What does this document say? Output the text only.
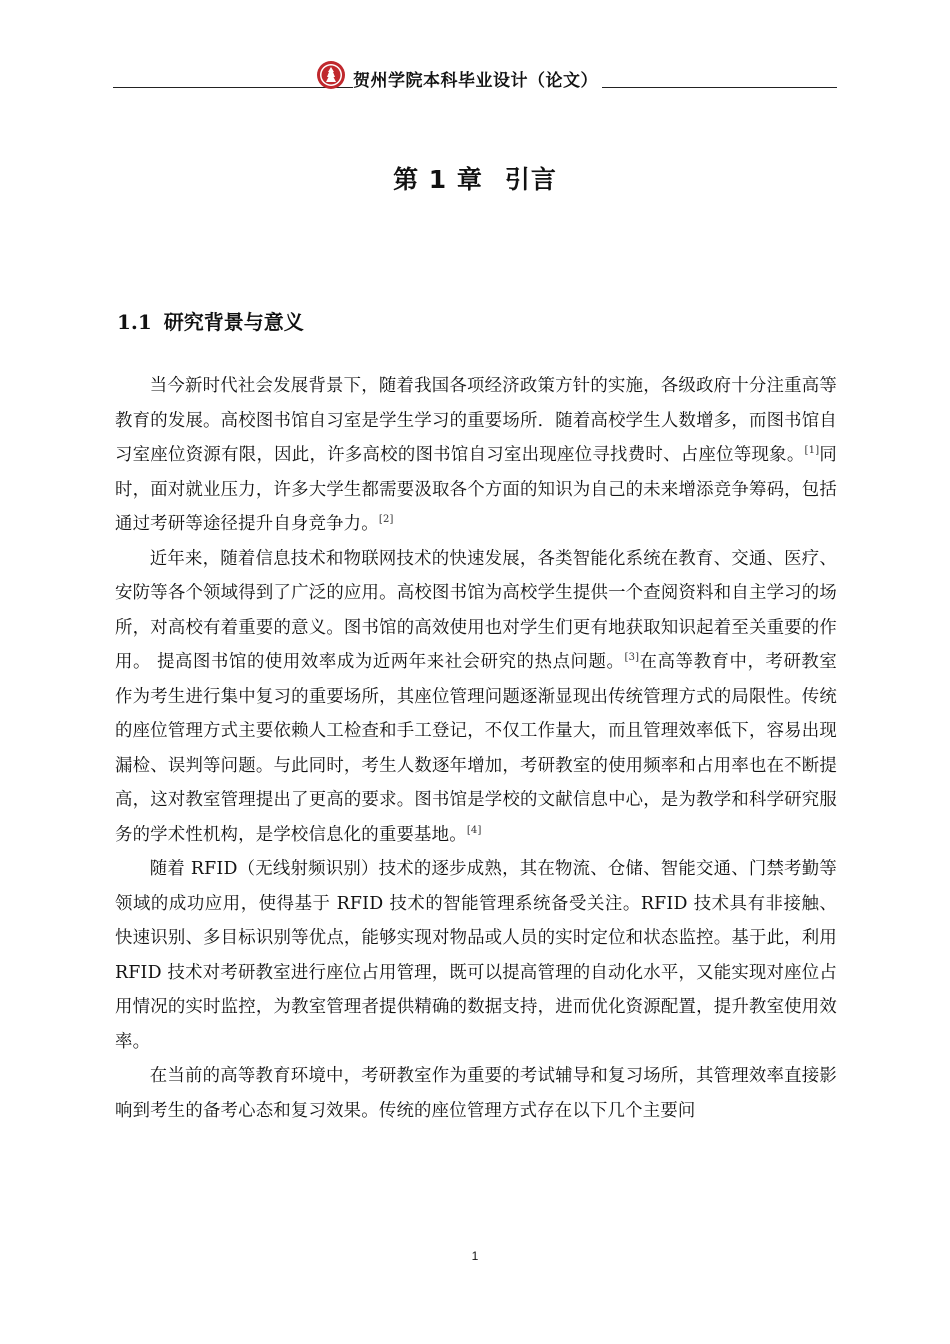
贺州学院本科毕业设计（论文）
第 1 章 引言
1.1 研究背景与意义

当今新时代社会发展背景下，随着我国各项经济政策方针的实施，各级政府十分注重高等教育的发展。高校图书馆自习室是学生学习的重要场所．随着高校学生人数增多，而图书馆自习室座位资源有限，因此，许多高校的图书馆自习室出现座位寻找费时、占座位等现象。[1]同时，面对就业压力，许多大学生都需要汲取各个方面的知识为自己的未来增添竞争筹码，包括通过考研等途径提升自身竞争力。[2]

近年来，随着信息技术和物联网技术的快速发展，各类智能化系统在教育、交通、医疗、安防等各个领域得到了广泛的应用。高校图书馆为高校学生提供一个查阅资料和自主学习的场所，对高校有着重要的意义。图书馆的高效使用也对学生们更有地获取知识起着至关重要的作用。 提高图书馆的使用效率成为近两年来社会研究的热点问题。[3]在高等教育中，考研教室作为考生进行集中复习的重要场所，其座位管理问题逐渐显现出传统管理方式的局限性。传统的座位管理方式主要依赖人工检查和手工登记，不仅工作量大，而且管理效率低下，容易出现漏检、误判等问题。与此同时，考生人数逐年增加，考研教室的使用频率和占用率也在不断提高，这对教室管理提出了更高的要求。图书馆是学校的文献信息中心，是为教学和科学研究服务的学术性机构，是学校信息化的重要基地。[4]

随着 RFID（无线射频识别）技术的逐步成熟，其在物流、仓储、智能交通、门禁考勤等领域的成功应用，使得基于 RFID 技术的智能管理系统备受关注。RFID 技术具有非接触、快速识别、多目标识别等优点，能够实现对物品或人员的实时定位和状态监控。基于此，利用 RFID 技术对考研教室进行座位占用管理，既可以提高管理的自动化水平，又能实现对座位占用情况的实时监控，为教室管理者提供精确的数据支持，进而优化资源配置，提升教室使用效率。

在当前的高等教育环境中，考研教室作为重要的考试辅导和复习场所，其管理效率直接影响到考生的备考心态和复习效果。传统的座位管理方式存在以下几个主要问

1
